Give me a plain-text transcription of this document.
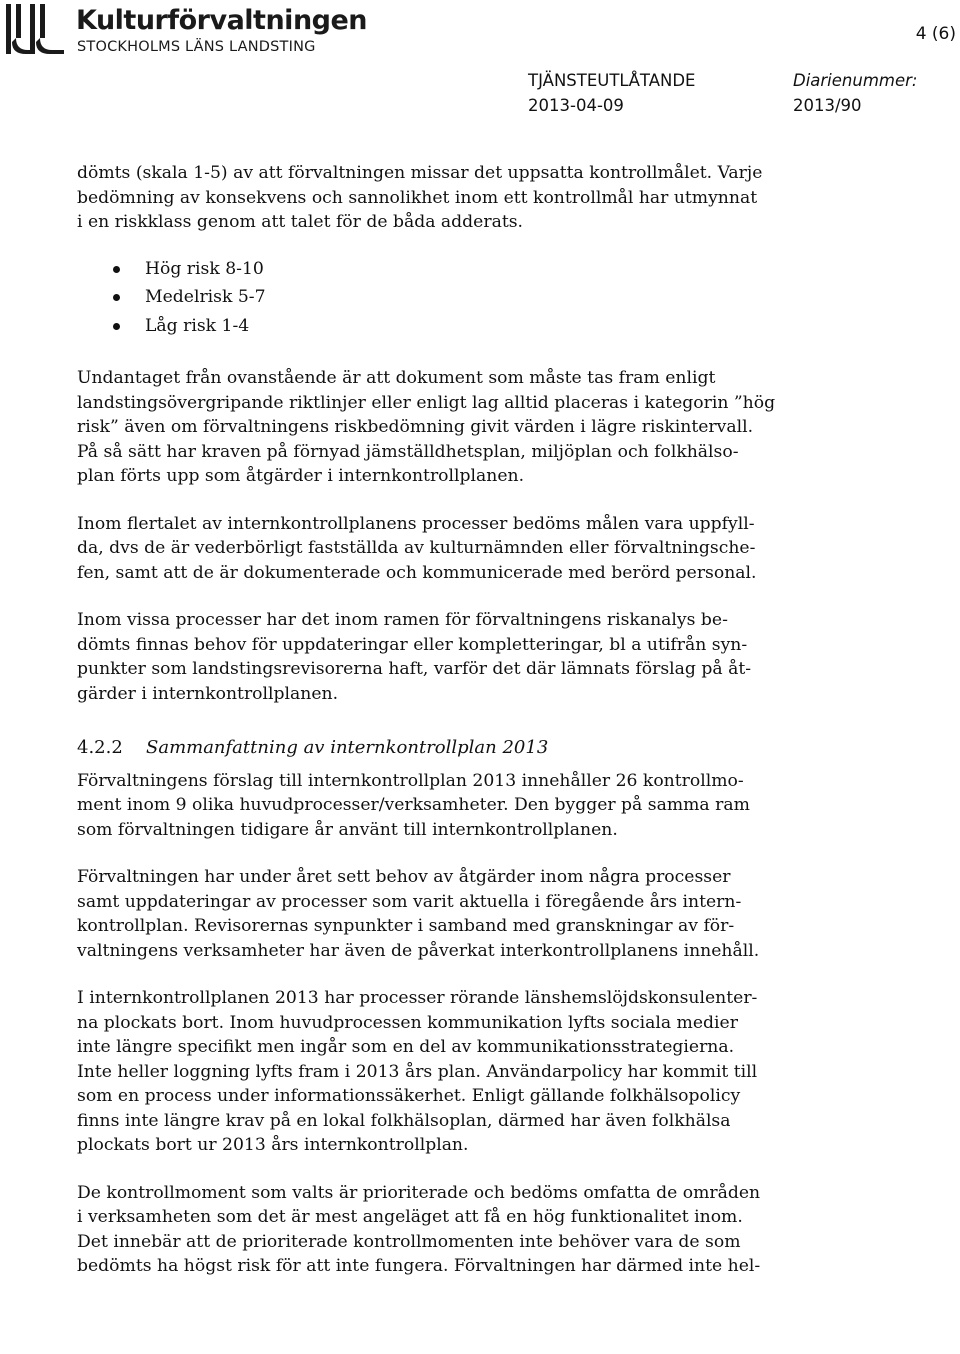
Kulturförvaltningen
STOCKHOLMS LÄNS LANDSTING
4 (6)
TJÄNSTEUTLÅTANDE
2013-04-09
Diarienummer:
2013/90

dömts (skala 1-5) av att förvaltningen missar det uppsatta kontrollmålet. Varje

bedömning av konsekvens och sannolikhet inom ett kontrollmål har utmynnat

i en riskklass genom att talet för de båda adderats.

Hög risk 8-10
Medelrisk 5-7
Låg risk 1-4

Undantaget från ovanstående är att dokument som måste tas fram enligt

landstingsövergripande riktlinjer eller enligt lag alltid placeras i kategorin ”hög

risk” även om förvaltningens riskbedömning givit värden i lägre riskintervall.

På så sätt har kraven på förnyad jämställdhetsplan, miljöplan och folkhälso-

plan förts upp som åtgärder i internkontrollplanen.

Inom flertalet av internkontrollplanens processer bedöms målen vara uppfyll-

da, dvs de är vederbörligt fastställda av kulturnämnden eller förvaltningsche-

fen, samt att de är dokumenterade och kommunicerade med berörd personal.

Inom vissa processer har det inom ramen för förvaltningens riskanalys be-

dömts finnas behov för uppdateringar eller kompletteringar, bl a utifrån syn-

punkter som landstingsrevisorerna haft, varför det där lämnats förslag på åt-

gärder i internkontrollplanen.

4.2.2 Sammanfattning av internkontrollplan 2013

Förvaltningens förslag till internkontrollplan 2013 innehåller 26 kontrollmo-

ment inom 9 olika huvudprocesser/verksamheter. Den bygger på samma ram

som förvaltningen tidigare år använt till internkontrollplanen.

Förvaltningen har under året sett behov av åtgärder inom några processer

samt uppdateringar av processer som varit aktuella i föregående års intern-

kontrollplan. Revisorernas synpunkter i samband med granskningar av för-

valtningens verksamheter har även de påverkat interkontrollplanens innehåll.

I internkontrollplanen 2013 har processer rörande länshemslöjdskonsulenter-

na plockats bort. Inom huvudprocessen kommunikation lyfts sociala medier

inte längre specifikt men ingår som en del av kommunikationsstrategierna.

Inte heller loggning lyfts fram i 2013 års plan. Användarpolicy har kommit till

som en process under informationssäkerhet. Enligt gällande folkhälsopolicy

finns inte längre krav på en lokal folkhälsoplan, därmed har även folkhälsa

plockats bort ur 2013 års internkontrollplan.

De kontrollmoment som valts är prioriterade och bedöms omfatta de områden

i verksamheten som det är mest angeläget att få en hög funktionalitet inom.

Det innebär att de prioriterade kontrollmomenten inte behöver vara de som

bedömts ha högst risk för att inte fungera. Förvaltningen har därmed inte hel-
